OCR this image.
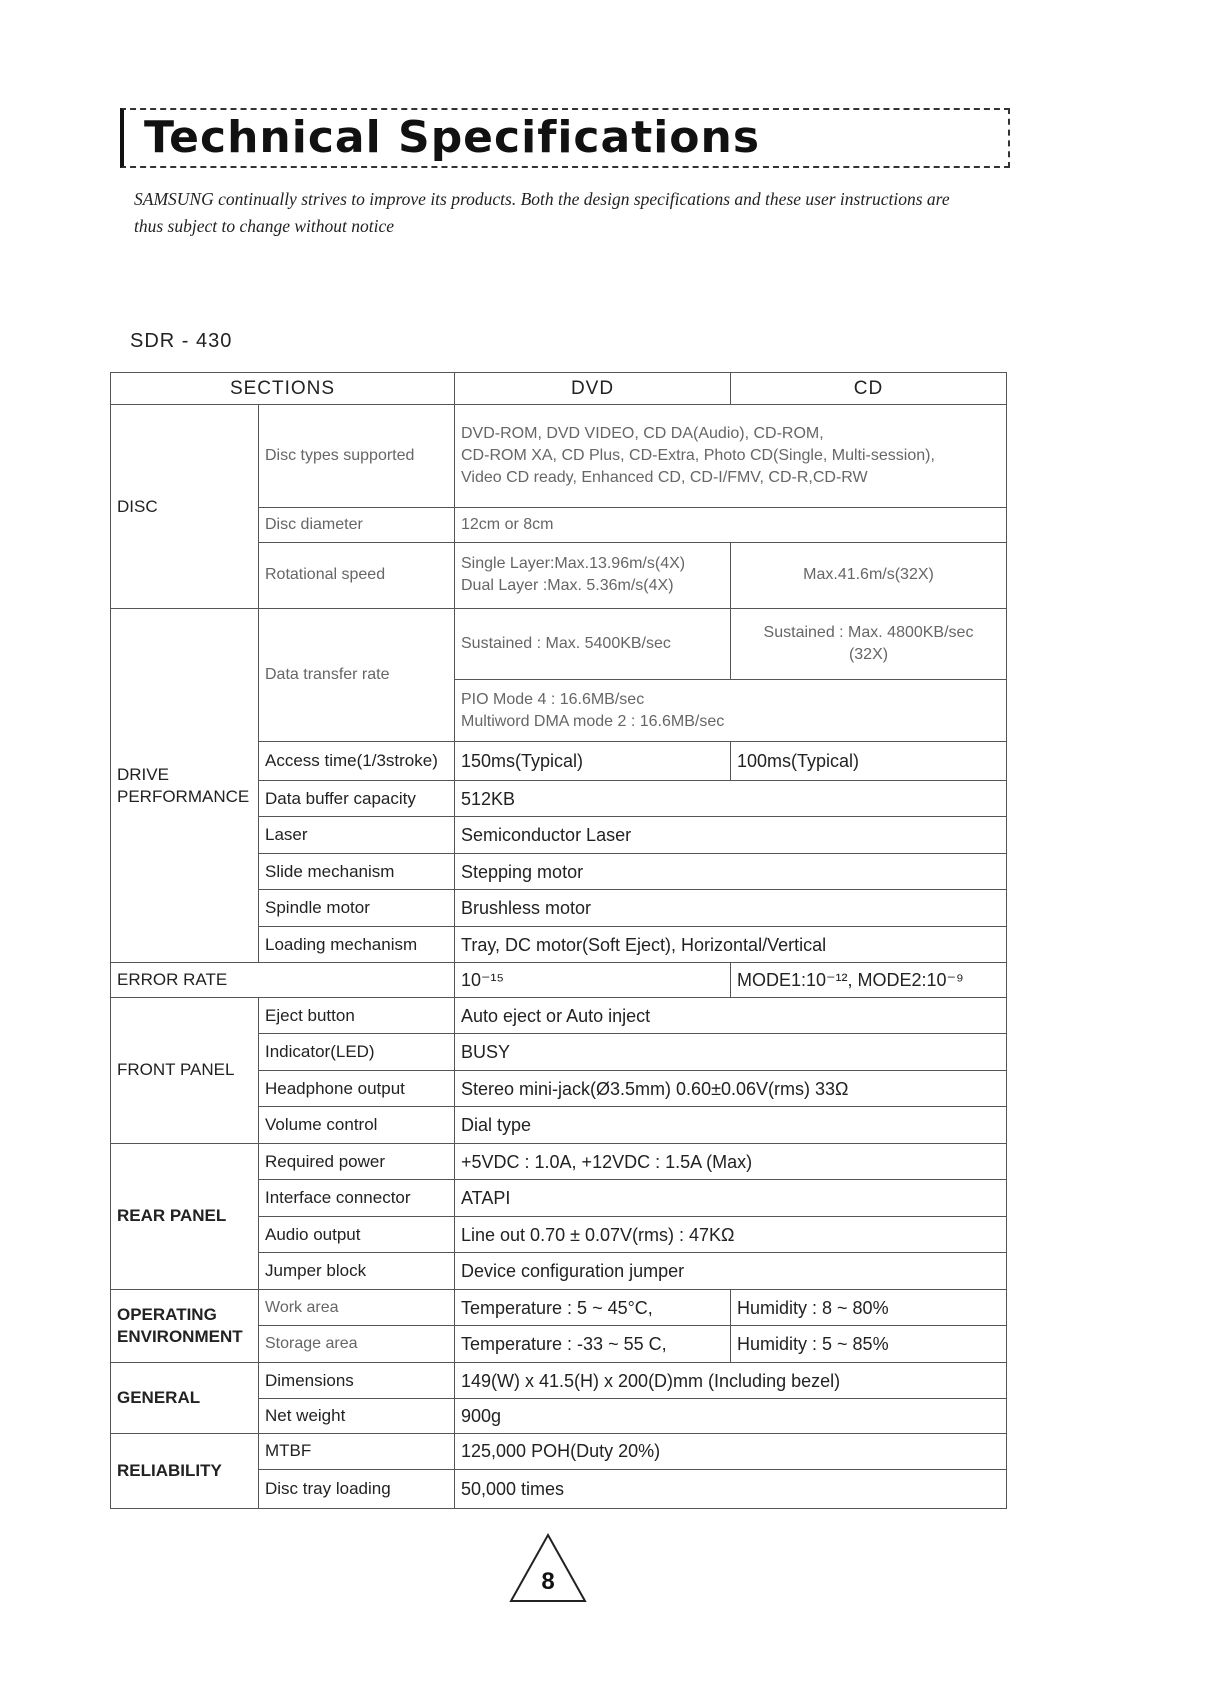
Technical Specifications
SAMSUNG continually strives to improve its products. Both the design specifications and these user instructions are thus subject to change without notice
SDR - 430
SECTIONS		DVD	CD
DISC	Disc types supported	DVD-ROM, DVD VIDEO, CD DA(Audio), CD-ROM,
CD-ROM XA, CD Plus, CD-Extra, Photo CD(Single, Multi-session),
Video CD ready, Enhanced CD, CD-I/FMV, CD-R,CD-RW	

	Disc diameter	12cm or 8cm	
	Rotational speed	Single Layer:Max.13.96m/s(4X)
Dual Layer :Max. 5.36m/s(4X)	Max.41.6m/s(32X)
DRIVE PERFORMANCE	Data transfer rate	Sustained : Max. 5400KB/sec	Sustained : Max. 4800KB/sec
(32X)

		PIO Mode 4 : 16.6MB/sec
Multiword DMA mode 2 : 16.6MB/sec	

	Access time(1/3stroke)	150ms(Typical)	100ms(Typical)
	Data buffer capacity	512KB	
	Laser	Semiconductor Laser	
	Slide mechanism	Stepping motor	
	Spindle motor	Brushless motor	
	Loading mechanism	Tray, DC motor(Soft Eject), Horizontal/Vertical	
ERROR RATE		10⁻¹⁵	MODE1:10⁻¹², MODE2:10⁻⁹
FRONT PANEL	Eject button	Auto eject or Auto inject	
	Indicator(LED)	BUSY	
	Headphone output	Stereo mini-jack(Ø3.5mm) 0.60±0.06V(rms) 33Ω	
	Volume control	Dial type	
REAR PANEL	Required power	+5VDC : 1.0A, +12VDC : 1.5A (Max)	
	Interface connector	ATAPI	
	Audio output	Line out 0.70 ± 0.07V(rms) : 47KΩ	
	Jumper block	Device configuration jumper	
OPERATING ENVIRONMENT	Work area	Temperature : 5 ~ 45°C,	Humidity : 8 ~ 80%
	Storage area	Temperature : -33 ~ 55 C,	Humidity : 5 ~ 85%
GENERAL	Dimensions	149(W) x 41.5(H) x 200(D)mm (Including bezel)	
	Net weight	900g	
RELIABILITY	MTBF	125,000 POH(Duty 20%)	
	Disc tray loading	50,000 times	
8
